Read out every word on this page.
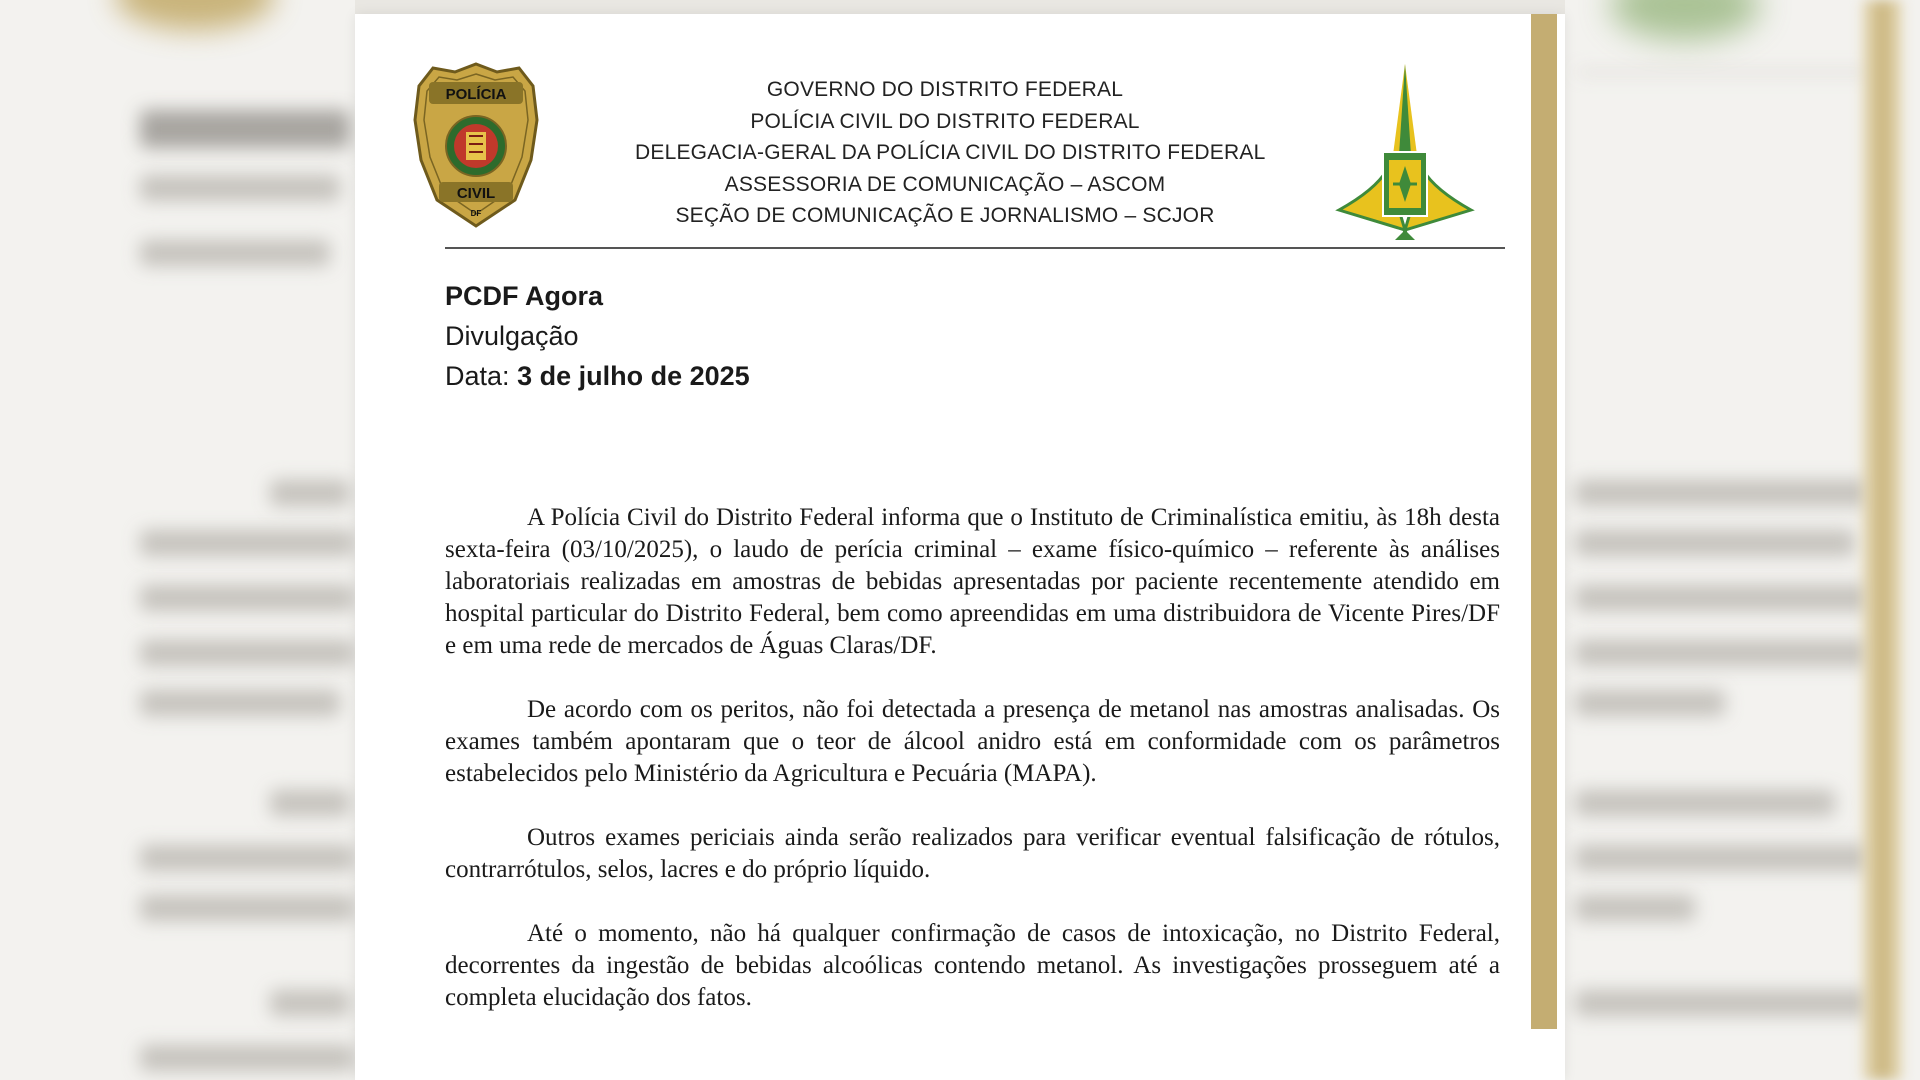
POLÍCIA
CIVIL
DF
GOVERNO DO DISTRITO FEDERAL
POLÍCIA CIVIL DO DISTRITO FEDERAL
DELEGACIA-GERAL DA POLÍCIA CIVIL DO DISTRITO FEDERAL
ASSESSORIA DE COMUNICAÇÃO – ASCOM
SEÇÃO DE COMUNICAÇÃO E JORNALISMO – SCJOR
PCDF Agora
Divulgação
Data: 3 de julho de 2025

A Polícia Civil do Distrito Federal informa que o Instituto de Criminalística emitiu, às 18h desta sexta-feira (03/10/2025), o laudo de perícia criminal – exame físico-químico – referente às análises laboratoriais realizadas em amostras de bebidas apresentadas por paciente recentemente atendido em hospital particular do Distrito Federal, bem como apreendidas em uma distribuidora de Vicente Pires/DF e em uma rede de mercados de Águas Claras/DF.

De acordo com os peritos, não foi detectada a presença de metanol nas amostras analisadas. Os exames também apontaram que o teor de álcool anidro está em conformidade com os parâmetros estabelecidos pelo Ministério da Agricultura e Pecuária (MAPA).

Outros exames periciais ainda serão realizados para verificar eventual falsificação de rótulos, contrarrótulos, selos, lacres e do próprio líquido.

Até o momento, não há qualquer confirmação de casos de intoxicação, no Distrito Federal, decorrentes da ingestão de bebidas alcoólicas contendo metanol. As investigações prosseguem até a completa elucidação dos fatos.
